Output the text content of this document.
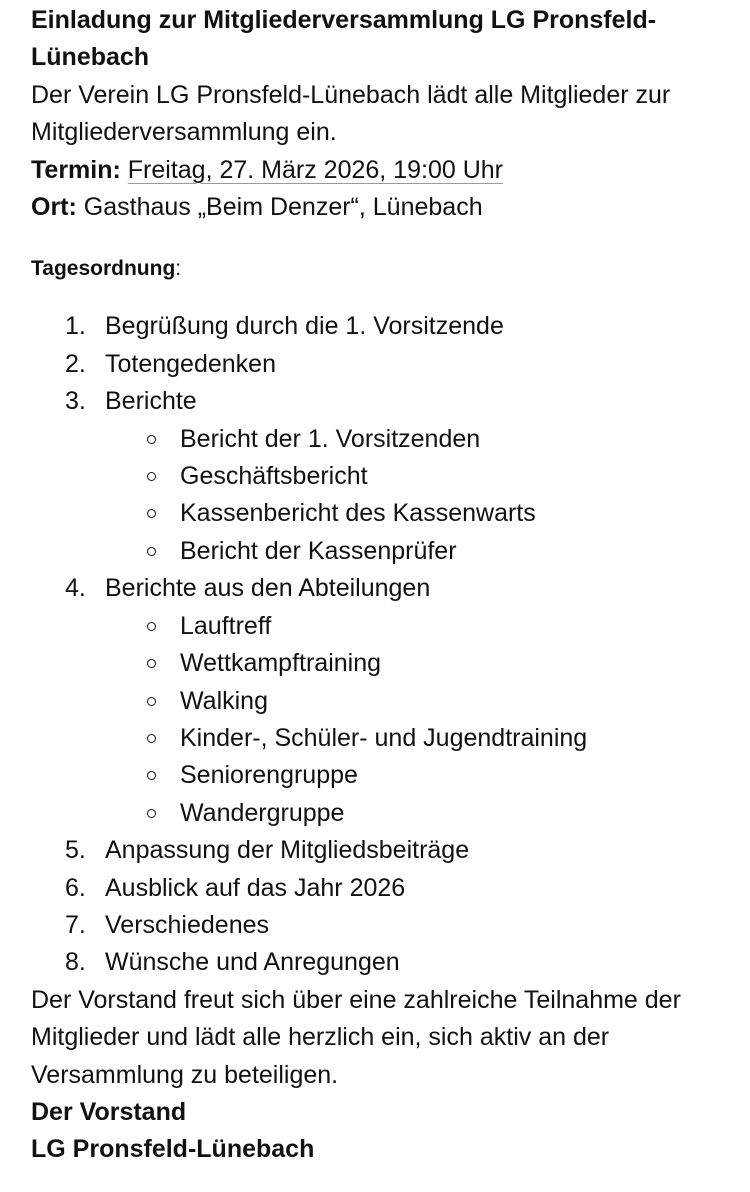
Einladung zur Mitgliederversammlung LG Pronsfeld-Lünebach

Der Verein LG Pronsfeld-Lünebach lädt alle Mitglieder zur Mitgliederversammlung ein.

Termin: Freitag, 27. März 2026, 19:00 Uhr

Ort: Gasthaus „Beim Denzer“, Lünebach

Tagesordnung:

1. Begrüßung durch die 1. Vorsitzende
2. Totengedenken
3. Berichte
Bericht der 1. Vorsitzenden
Geschäftsbericht
Kassenbericht des Kassenwarts
Bericht der Kassenprüfer
4. Berichte aus den Abteilungen
Lauftreff
Wettkampftraining
Walking
Kinder-, Schüler- und Jugendtraining
Seniorengruppe
Wandergruppe
5. Anpassung der Mitgliedsbeiträge
6. Ausblick auf das Jahr 2026
7. Verschiedenes
8. Wünsche und Anregungen

Der Vorstand freut sich über eine zahlreiche Teilnahme der Mitglieder und lädt alle herzlich ein, sich aktiv an der Versammlung zu beteiligen.

Der Vorstand

LG Pronsfeld-Lünebach
